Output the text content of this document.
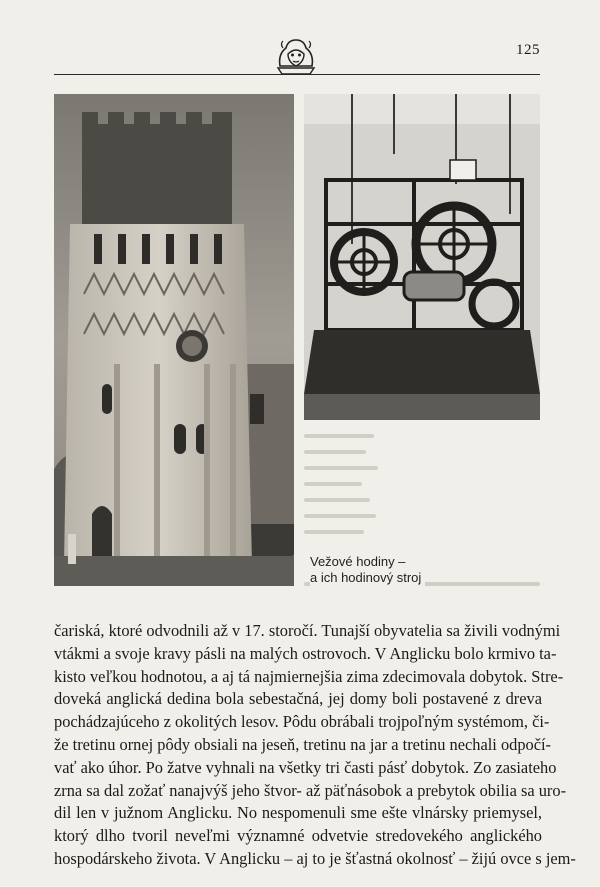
125
Vežové hodiny –
a ich hodinový stroj
čariská, ktoré odvodnili až v 17. storočí. Tunajší obyvatelia sa živili vodnými
vtákmi a svoje kravy pásli na malých ostrovoch. V Anglicku bolo krmivo ta-
kisto veľkou hodnotou, a aj tá najmiernejšia zima zdecimovala dobytok. Stre-
doveká anglická dedina bola sebestačná, jej domy boli postavené z dreva
pochádzajúceho z okolitých lesov. Pôdu obrábali trojpoľným systémom, či-
že tretinu ornej pôdy obsiali na jeseň, tretinu na jar a tretinu nechali odpočí-
vať ako úhor. Po žatve vyhnali na všetky tri časti pásť dobytok. Zo zasiateho
zrna sa dal zožať nanajvýš jeho štvor- až päťnásobok a prebytok obilia sa uro-
dil len v južnom Anglicku. No nespomenuli sme ešte vlnársky priemysel,
ktorý dlho tvoril neveľmi významné odvetvie stredovekého anglického
hospodárskeho života. V Anglicku – aj to je šťastná okolnosť – žijú ovce s jem-
